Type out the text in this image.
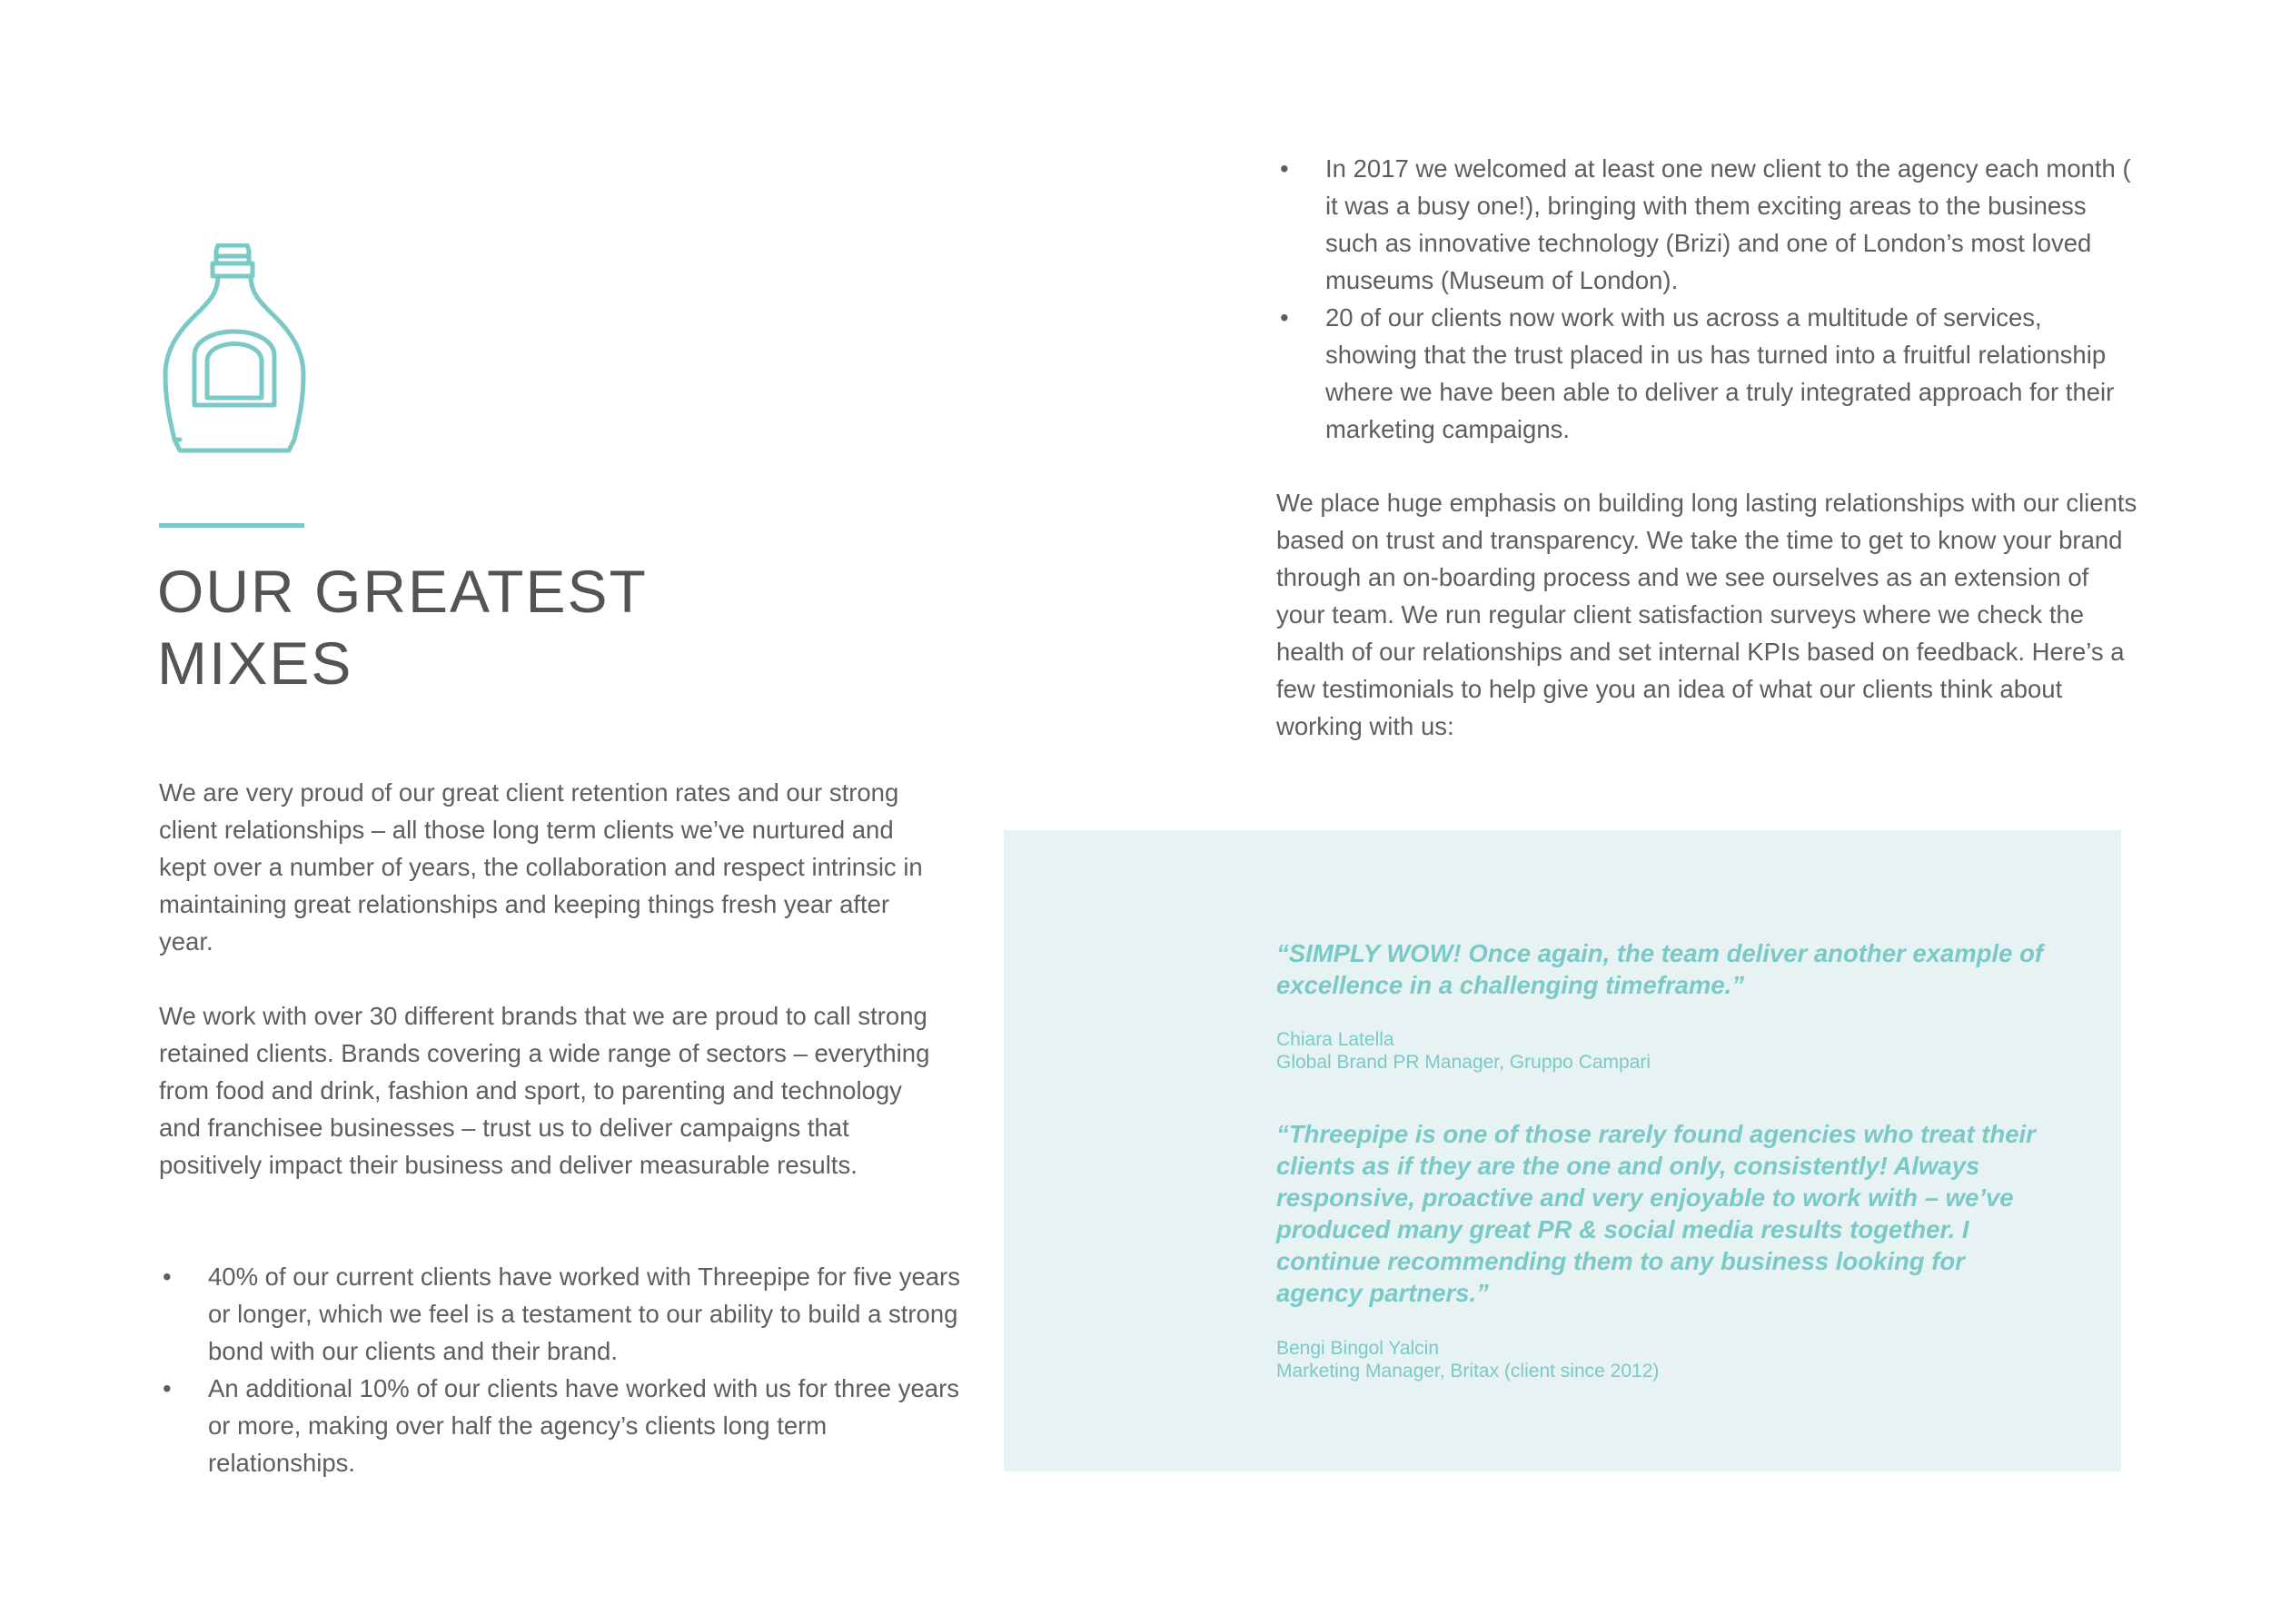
OUR GREATEST
MIXES

We are very proud of our great client retention rates and our strong client relationships – all those long term clients we’ve nurtured and kept over a number of years, the collaboration and respect intrinsic in maintaining great relationships and keeping things fresh year after year.

We work with over 30 different brands that we are proud to call strong retained clients. Brands covering a wide range of sectors – everything from food and drink, fashion and sport, to parenting and technology and franchisee businesses – trust us to deliver campaigns that positively impact their business and deliver measurable results.

• 40% of our current clients have worked with Threepipe for five years or longer, which we feel is a testament to our ability to build a strong bond with our clients and their brand.
• An additional 10% of our clients have worked with us for three years or more, making over half the agency’s clients long term relationships.
• In 2017 we welcomed at least one new client to the agency each month ( it was a busy one!), bringing with them exciting areas to the business such as innovative technology (Brizi) and one of London’s most loved museums (Museum of London).
• 20 of our clients now work with us across a multitude of services, showing that the trust placed in us has turned into a fruitful relationship where we have been able to deliver a truly integrated approach for their marketing campaigns.

We place huge emphasis on building long lasting relationships with our clients based on trust and transparency. We take the time to get to know your brand through an on-boarding process and we see ourselves as an extension of your team. We run regular client satisfaction surveys where we check the health of our relationships and set internal KPIs based on feedback. Here’s a few testimonials to help give you an idea of what our clients think about working with us:

“SIMPLY WOW! Once again, the team deliver another example of excellence in a challenging timeframe.”

Chiara Latella
Global Brand PR Manager, Gruppo Campari

“Threepipe is one of those rarely found agencies who treat their clients as if they are the one and only, consistently! Always responsive, proactive and very enjoyable to work with – we’ve produced many great PR & social media results together. I continue recommending them to any business looking for agency partners.”

Bengi Bingol Yalcin
Marketing Manager, Britax (client since 2012)
